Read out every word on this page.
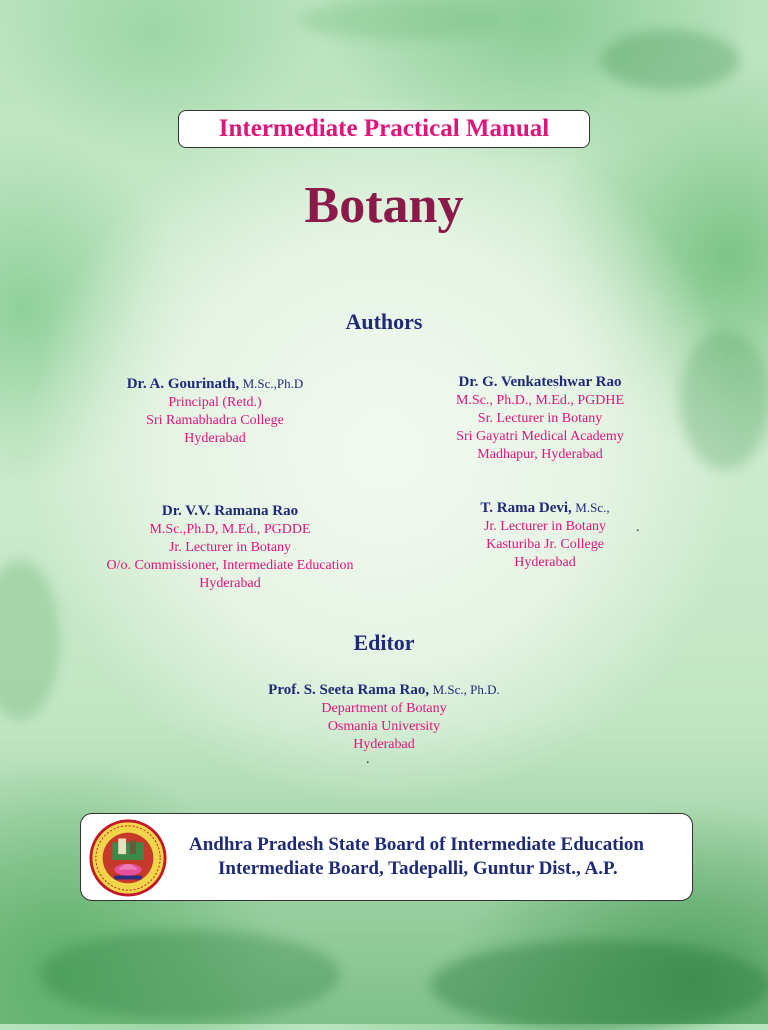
Intermediate Practical Manual
Botany
Authors
Dr. A. Gourinath, M.Sc.,Ph.D
Principal (Retd.)
Sri Ramabhadra College
Hyderabad
Dr. G. Venkateshwar Rao
M.Sc., Ph.D., M.Ed., PGDHE
Sr. Lecturer in Botany
Sri Gayatri Medical Academy
Madhapur, Hyderabad
Dr. V.V. Ramana Rao
M.Sc.,Ph.D, M.Ed., PGDDE
Jr. Lecturer in Botany
O/o. Commissioner, Intermediate Education
Hyderabad
T. Rama Devi, M.Sc.,
Jr. Lecturer in Botany
Kasturiba Jr. College
Hyderabad
.
Editor
Prof. S. Seeta Rama Rao, M.Sc., Ph.D.
Department of Botany
Osmania University
Hyderabad
.
Andhra Pradesh State Board of Intermediate Education
Intermediate Board, Tadepalli, Guntur Dist., A.P.
